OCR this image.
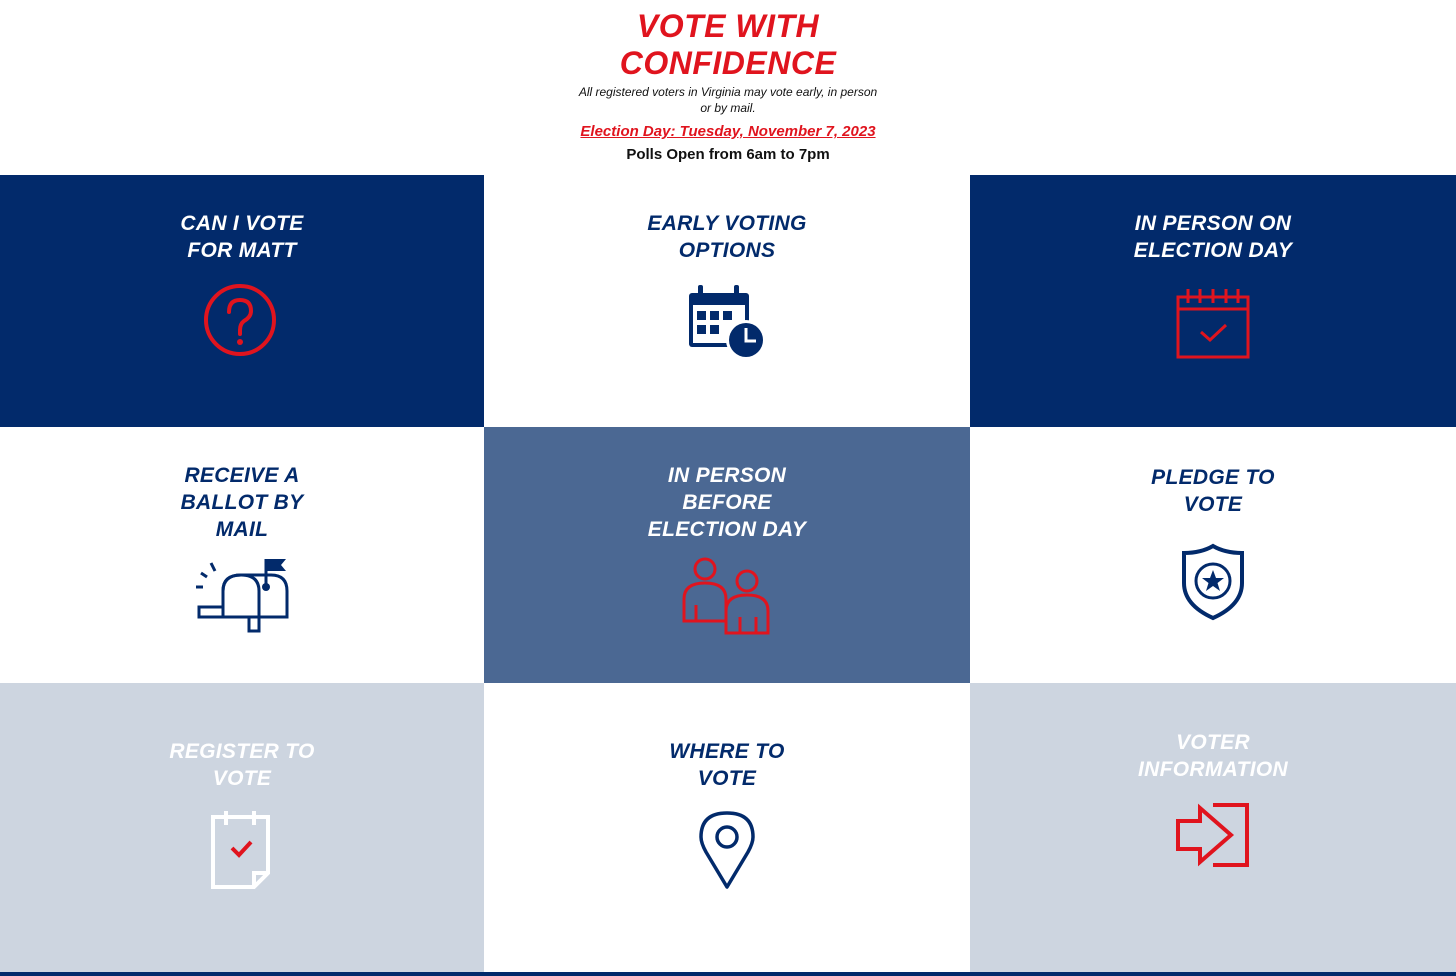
VOTE WITH
CONFIDENCE
All registered voters in Virginia may vote early, in person or by mail.
Election Day: Tuesday, November 7, 2023
Polls Open from 6am to 7pm
CAN I VOTE
FOR MATT
EARLY VOTING
OPTIONS
IN PERSON ON
ELECTION DAY
RECEIVE A
BALLOT BY
MAIL
IN PERSON
BEFORE
ELECTION DAY
PLEDGE TO
VOTE
REGISTER TO
VOTE
WHERE TO
VOTE
VOTER
INFORMATION
